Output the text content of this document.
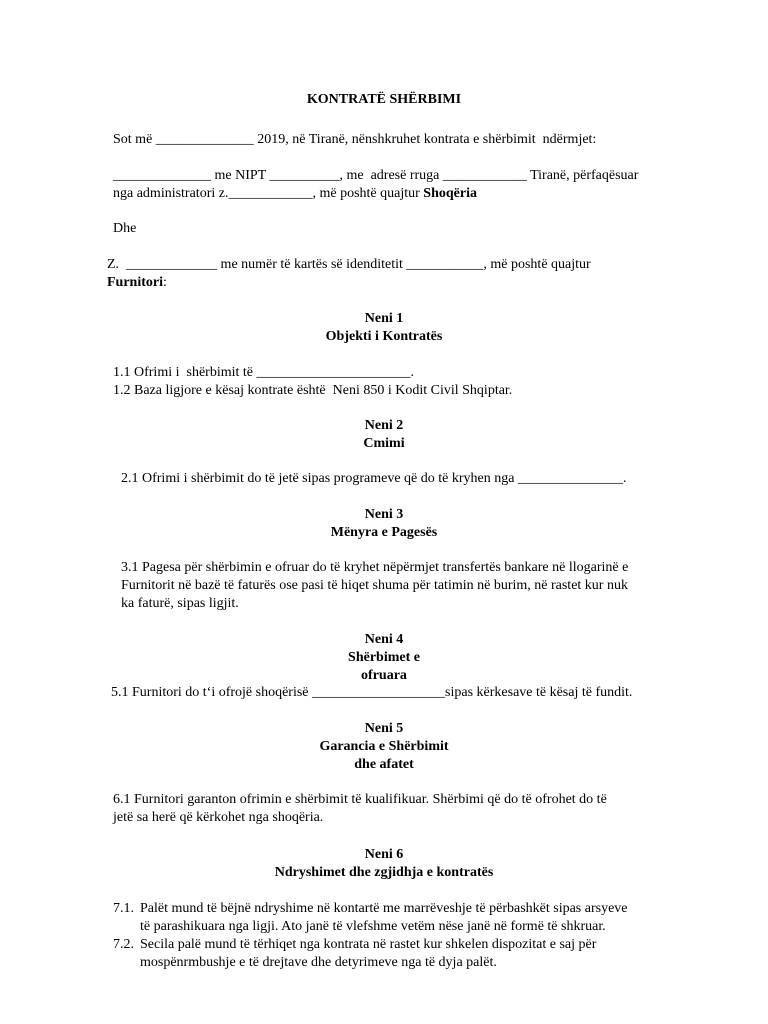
KONTRATË SHËRBIMI

Sot më ______________ 2019, në Tiranë, nënshkruhet kontrata e shërbimit  ndërmjet:

______________ me NIPT __________, me  adresë rruga ____________ Tiranë, përfaqësuar

nga administratori z.____________, më poshtë quajtur Shoqëria

Dhe

Z.  _____________ me numër të kartës së idenditetit ___________, më poshtë quajtur

Furnitori:

Neni 1

Objekti i Kontratës

1.1 Ofrimi i  shërbimit të ______________________.

1.2 Baza ligjore e kësaj kontrate është  Neni 850 i Kodit Civil Shqiptar.

Neni 2

Cmimi

2.1 Ofrimi i shërbimit do të jetë sipas programeve që do të kryhen nga _______________.

Neni 3

Mënyra e Pagesës

3.1 Pagesa për shërbimin e ofruar do të kryhet nëpërmjet transfertës bankare në llogarinë e

Furnitorit në bazë të faturës ose pasi të hiqet shuma për tatimin në burim, në rastet kur nuk

ka faturë, sipas ligjit.

Neni 4

Shërbimet e

ofruara

5.1 Furnitori do t‘i ofrojë shoqërisë ___________________sipas kërkesave të kësaj të fundit.

Neni 5

Garancia e Shërbimit

dhe afatet

6.1 Furnitori garanton ofrimin e shërbimit të kualifikuar. Shërbimi që do të ofrohet do të

jetë sa herë që kërkohet nga shoqëria.

Neni 6

Ndryshimet dhe zgjidhja e kontratës

7.1. Palët mund të bëjnë ndryshime në kontartë me marrëveshje të përbashkët sipas arsyeve

të parashikuara nga ligji. Ato janë të vlefshme vetëm nëse janë në formë të shkruar.

7.2. Secila palë mund të tërhiqet nga kontrata në rastet kur shkelen dispozitat e saj për

mospënrmbushje e të drejtave dhe detyrimeve nga të dyja palët.
